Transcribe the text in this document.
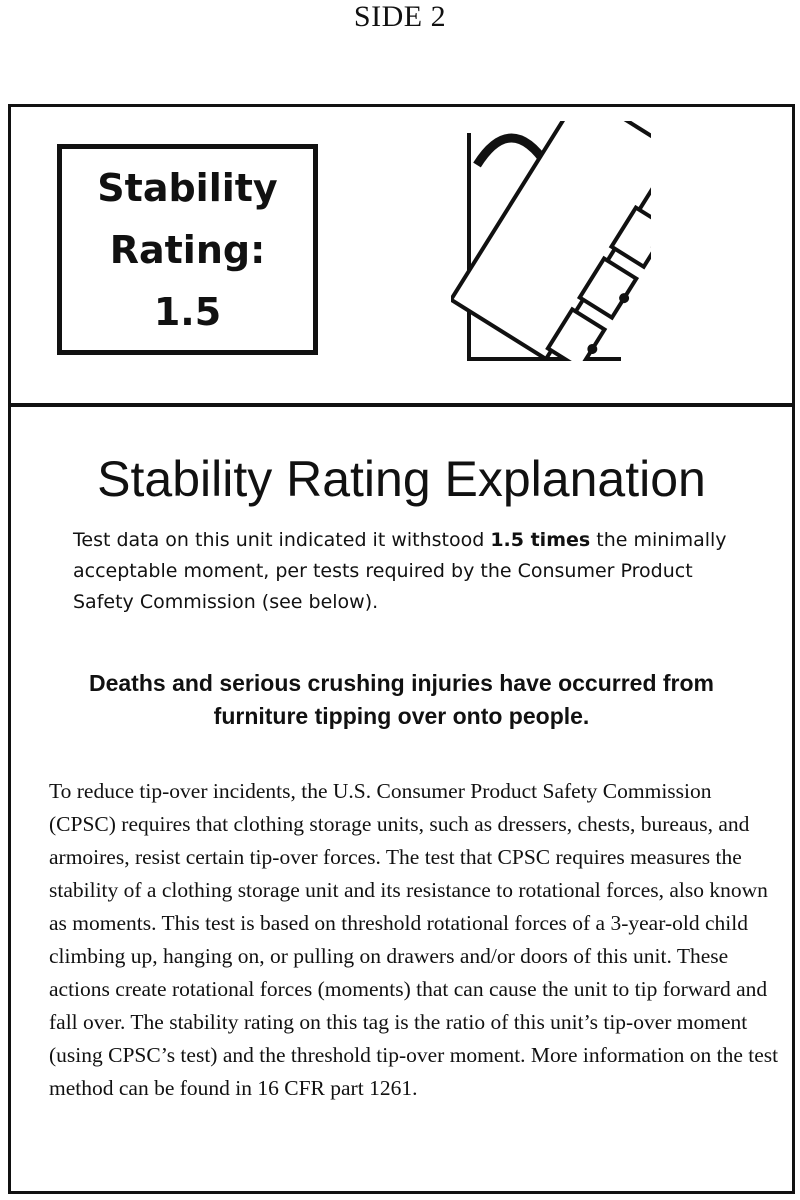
SIDE 2
Stability
Rating:
1.5
Stability Rating Explanation
Test data on this unit indicated it withstood 1.5 times the minimally acceptable moment, per tests required by the Consumer Product Safety Commission (see below).
Deaths and serious crushing injuries have occurred from
furniture tipping over onto people.
To reduce tip-over incidents, the U.S. Consumer Product Safety Commission (CPSC) requires that clothing storage units, such as dressers, chests, bureaus, and armoires, resist certain tip-over forces. The test that CPSC requires measures the stability of a clothing storage unit and its resistance to rotational forces, also known as moments. This test is based on threshold rotational forces of a 3-year-old child climbing up, hanging on, or pulling on drawers and/or doors of this unit. These actions create rotational forces (moments) that can cause the unit to tip forward and fall over. The stability rating on this tag is the ratio of this unit’s tip-over moment (using CPSC’s test) and the threshold tip-over moment. More information on the test method can be found in 16 CFR part 1261.
